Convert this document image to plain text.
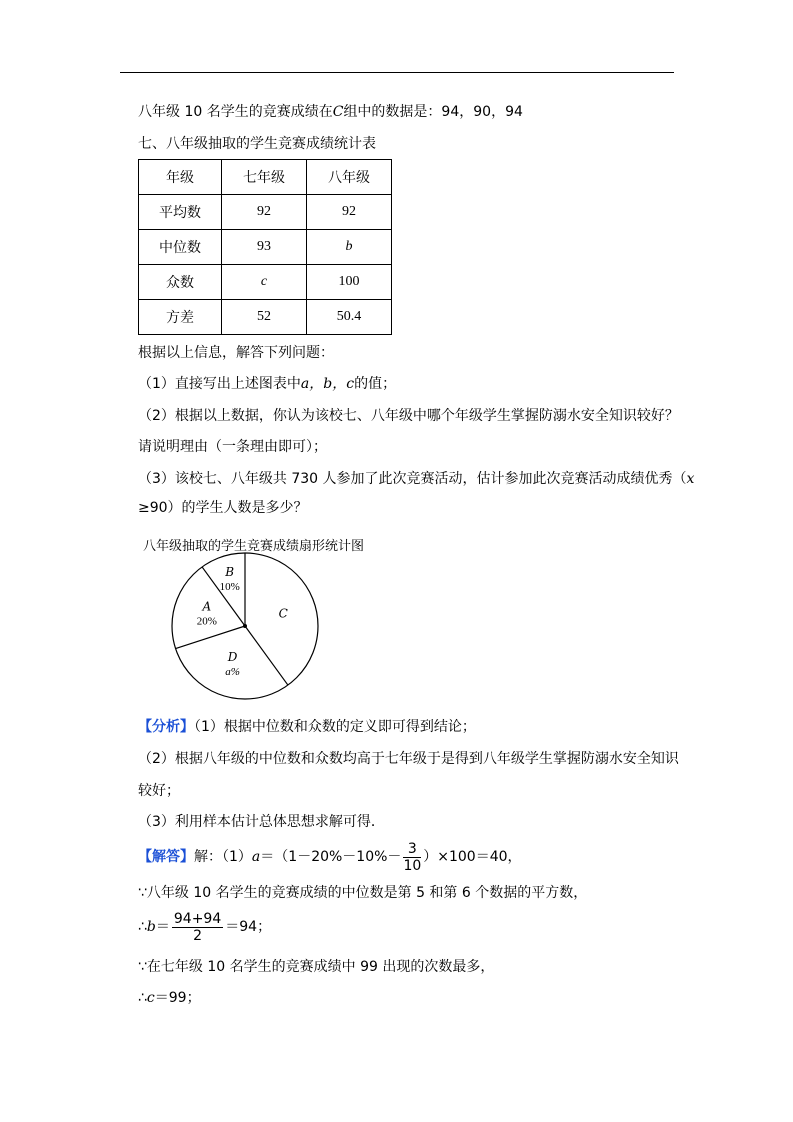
八年级 10 名学生的竞赛成绩在C组中的数据是：94，90，94
七、八年级抽取的学生竞赛成绩统计表
年级	七年级	八年级
平均数	92	92
中位数	93	b
众数	c	100
方差	52	50.4
根据以上信息，解答下列问题：
（1）直接写出上述图表中a，b，c的值；
（2）根据以上数据，你认为该校七、八年级中哪个年级学生掌握防溺水安全知识较好？
请说明理由（一条理由即可）；
（3）该校七、八年级共 730 人参加了此次竞赛活动，估计参加此次竞赛活动成绩优秀（x
≥90）的学生人数是多少？
八年级抽取的学生竞赛成绩扇形统计图
C
D
a%
A
20%
B
10%
【分析】（1）根据中位数和众数的定义即可得到结论；
（2）根据八年级的中位数和众数均高于七年级于是得到八年级学生掌握防溺水安全知识
较好；
（3）利用样本估计总体思想求解可得．
【解答】解：$(1)a=(1-20\%-10\%- \frac{3}{10} )\times 100=40$，
∵八年级 10 名学生的竞赛成绩的中位数是第 5 和第 6 个数据的平方数，
∴b＝ $\frac{94+94}{2} =94$；
∵在七年级 10 名学生的竞赛成绩中 99 出现的次数最多，
∴c＝99；
